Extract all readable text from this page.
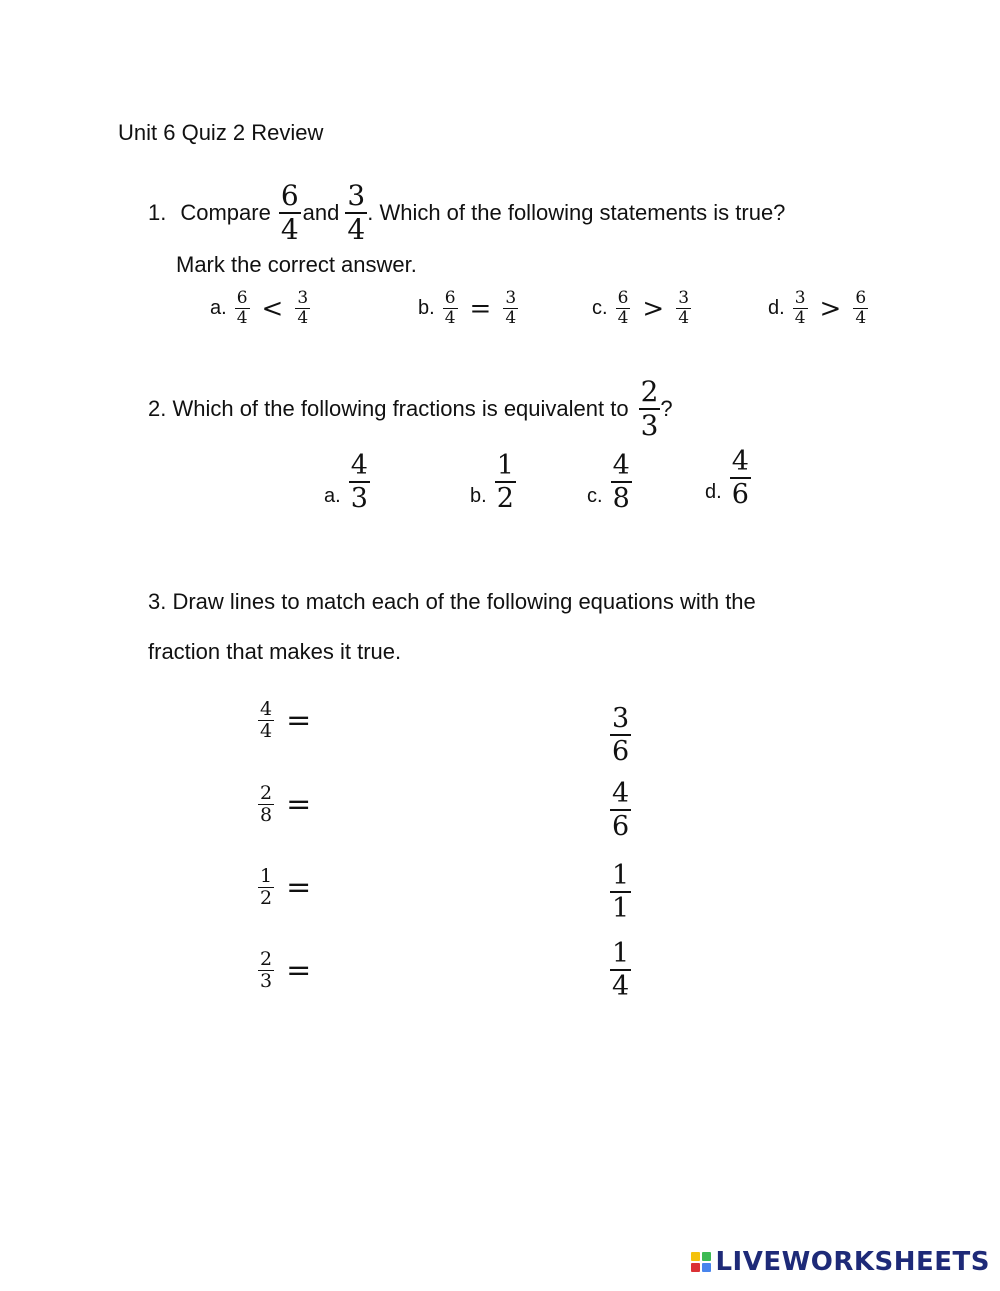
Unit 6 Quiz 2 Review
1. Compare $\frac{6}{4}$ and $\frac{3}{4}$ . Which of the following statements is true?
Mark the correct answer.
a. $\frac{6}{4} < \frac{3}{4}$	b. $\frac{6}{4} = \frac{3}{4}$	c. $\frac{6}{4} > \frac{3}{4}$	d. $\frac{3}{4} > \frac{6}{4}$
2. Which of the following fractions is equivalent to $\frac{2}{3}$ ?
a. $\frac{4}{3}$	b. $\frac{1}{2}$	c. $\frac{4}{8}$	d. $\frac{4}{6}$
3. Draw lines to match each of the following equations with the
fraction that makes it true.
$\frac{4}{4}$ =
$\frac{2}{8}$ =
$\frac{1}{2}$ =
$\frac{2}{3}$ =
$\frac{3}{6}$
$\frac{4}{6}$
$\frac{1}{1}$
$\frac{1}{4}$
LIVEWORKSHEETS
